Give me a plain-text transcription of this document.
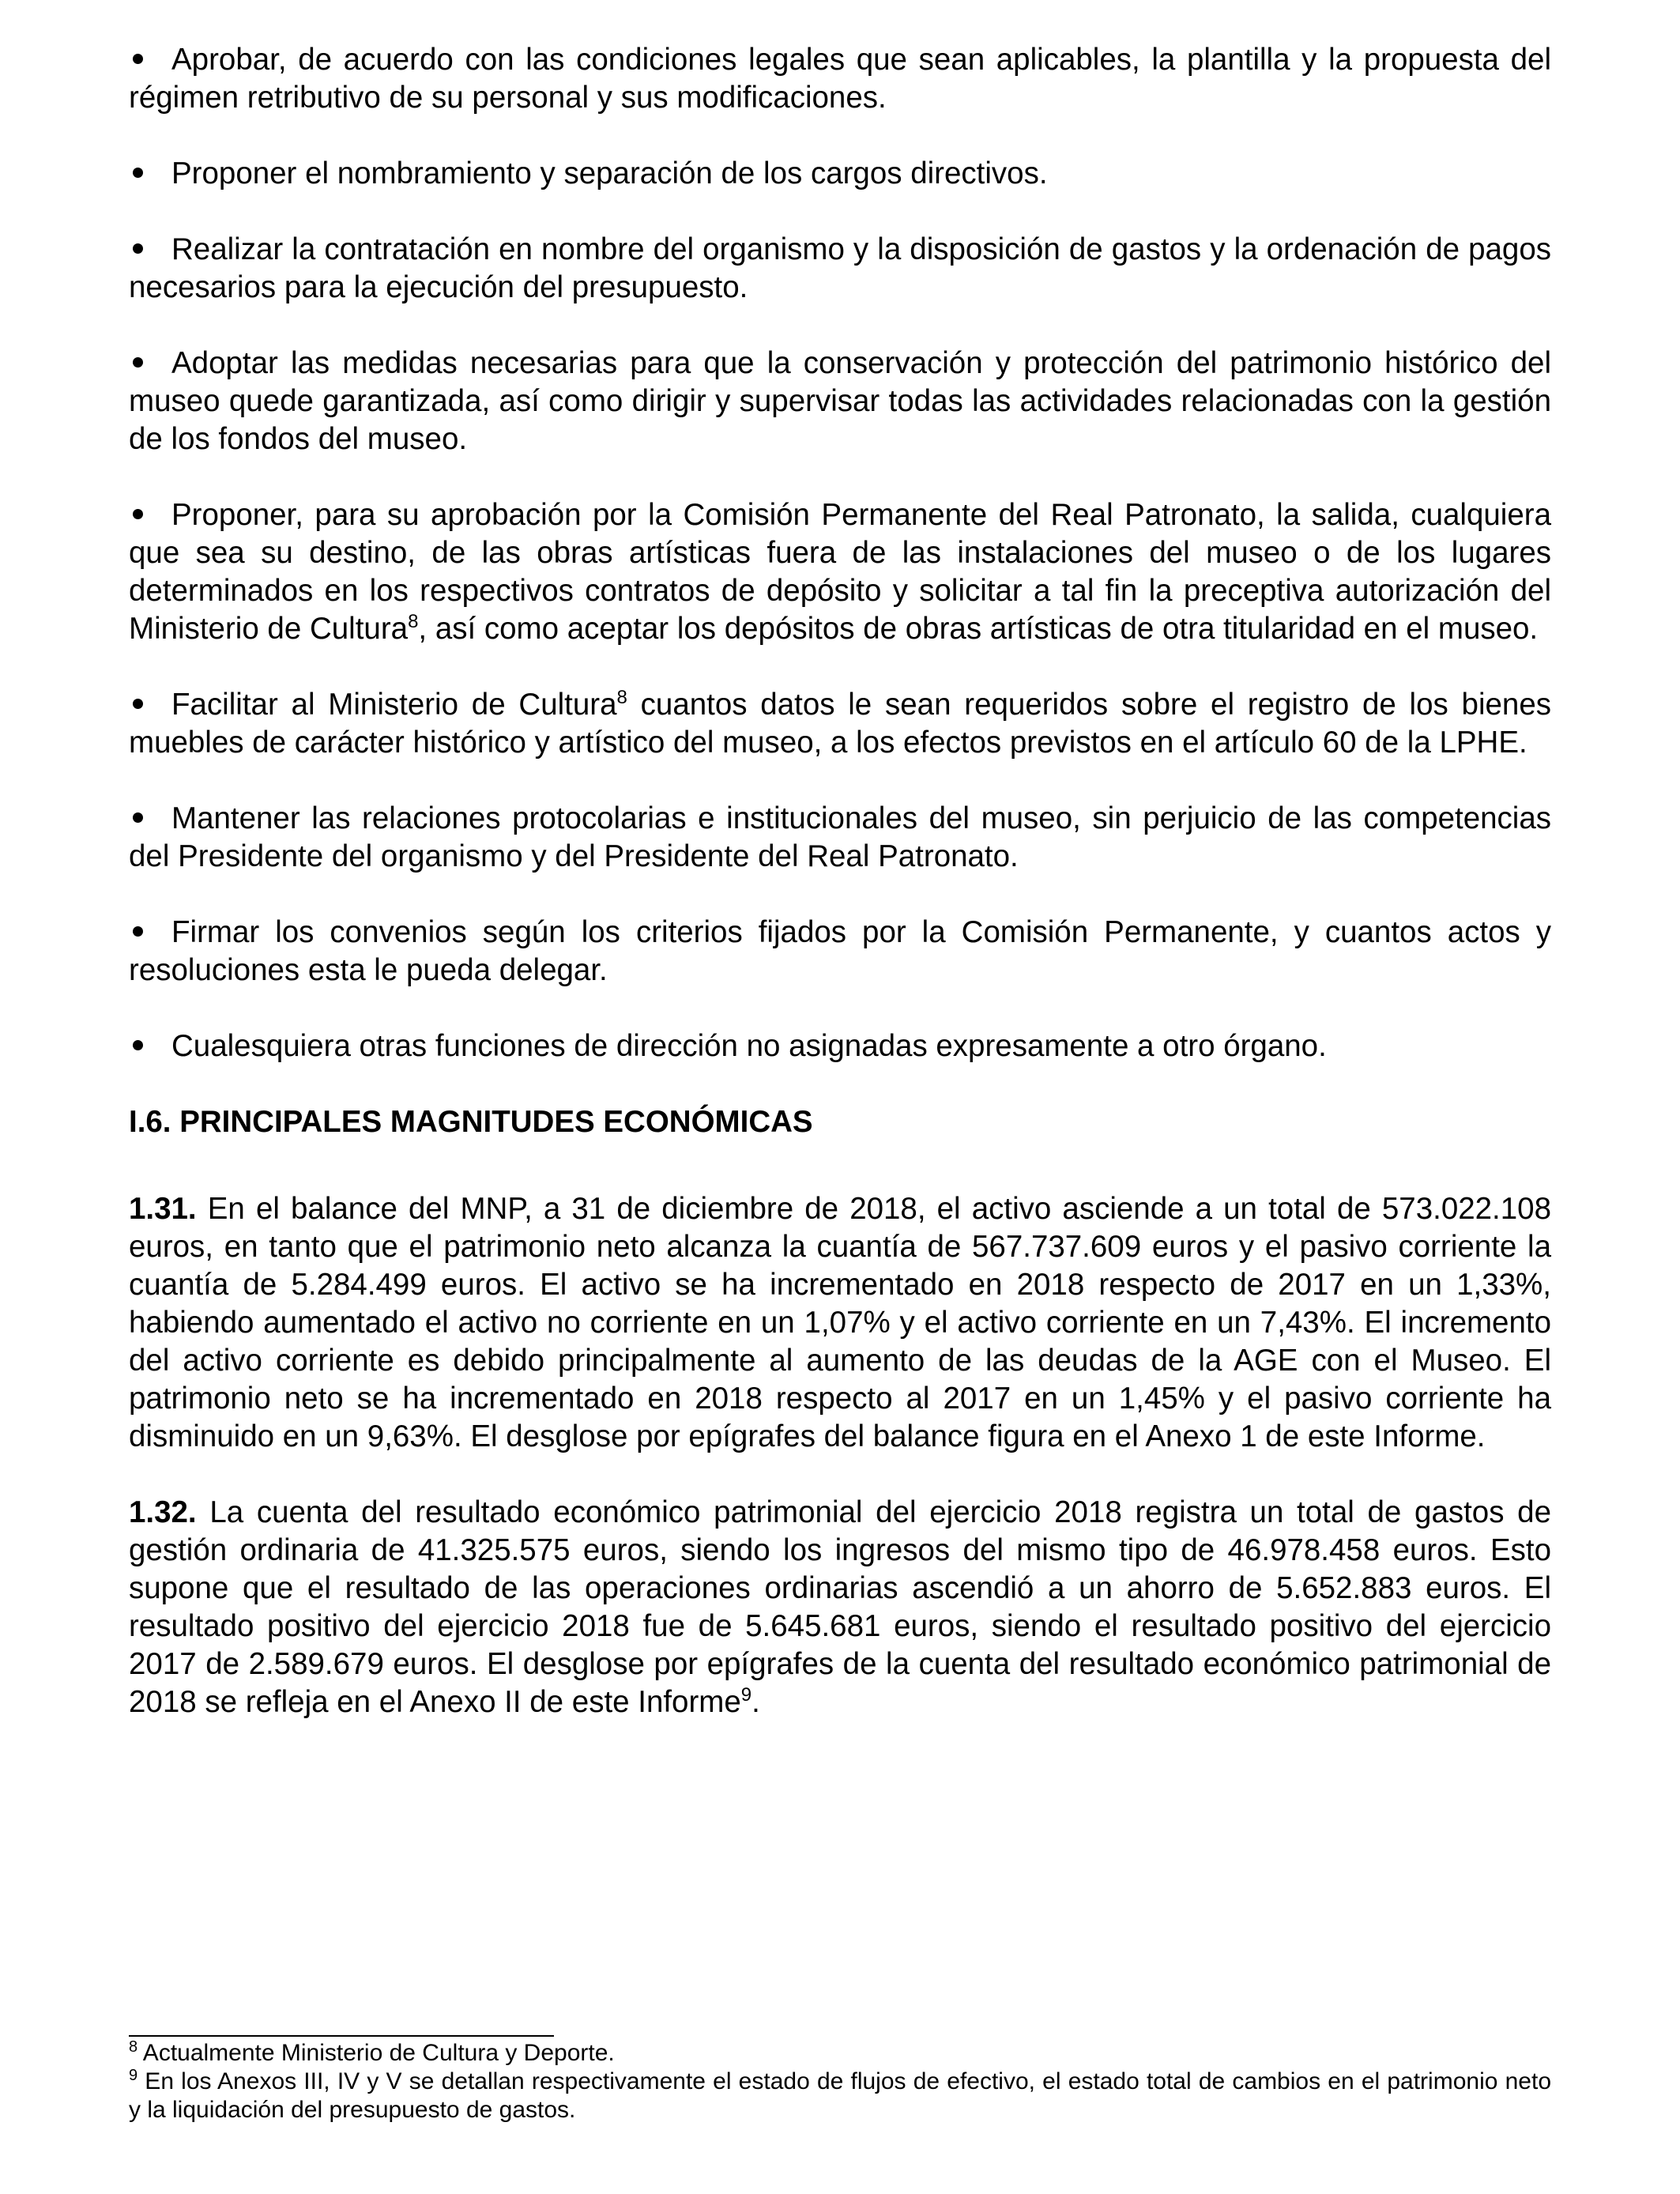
Aprobar, de acuerdo con las condiciones legales que sean aplicables, la plantilla y la propuesta del régimen retributivo de su personal y sus modificaciones.
Proponer el nombramiento y separación de los cargos directivos.
Realizar la contratación en nombre del organismo y la disposición de gastos y la ordenación de pagos necesarios para la ejecución del presupuesto.
Adoptar las medidas necesarias para que la conservación y protección del patrimonio histórico del museo quede garantizada, así como dirigir y supervisar todas las actividades relacionadas con la gestión de los fondos del museo.
Proponer, para su aprobación por la Comisión Permanente del Real Patronato, la salida, cualquiera que sea su destino, de las obras artísticas fuera de las instalaciones del museo o de los lugares determinados en los respectivos contratos de depósito y solicitar a tal fin la preceptiva autorización del Ministerio de Cultura$^8$, así como aceptar los depósitos de obras artísticas de otra titularidad en el museo.
Facilitar al Ministerio de Cultura$^8$ cuantos datos le sean requeridos sobre el registro de los bienes muebles de carácter histórico y artístico del museo, a los efectos previstos en el artículo 60 de la LPHE.
Mantener las relaciones protocolarias e institucionales del museo, sin perjuicio de las competencias del Presidente del organismo y del Presidente del Real Patronato.
Firmar los convenios según los criterios fijados por la Comisión Permanente, y cuantos actos y resoluciones esta le pueda delegar.
Cualesquiera otras funciones de dirección no asignadas expresamente a otro órgano.
I.6. PRINCIPALES MAGNITUDES ECONÓMICAS

1.31. En el balance del MNP, a 31 de diciembre de 2018, el activo asciende a un total de 573.022.108 euros, en tanto que el patrimonio neto alcanza la cuantía de 567.737.609 euros y el pasivo corriente la cuantía de 5.284.499 euros. El activo se ha incrementado en 2018 respecto de 2017 en un 1,33%, habiendo aumentado el activo no corriente en un 1,07% y el activo corriente en un 7,43%. El incremento del activo corriente es debido principalmente al aumento de las deudas de la AGE con el Museo. El patrimonio neto se ha incrementado en 2018 respecto al 2017 en un 1,45% y el pasivo corriente ha disminuido en un 9,63%. El desglose por epígrafes del balance figura en el Anexo 1 de este Informe.

1.32. La cuenta del resultado económico patrimonial del ejercicio 2018 registra un total de gastos de gestión ordinaria de 41.325.575 euros, siendo los ingresos del mismo tipo de 46.978.458 euros. Esto supone que el resultado de las operaciones ordinarias ascendió a un ahorro de 5.652.883 euros. El resultado positivo del ejercicio 2018 fue de 5.645.681 euros, siendo el resultado positivo del ejercicio 2017 de 2.589.679 euros. El desglose por epígrafes de la cuenta del resultado económico patrimonial de 2018 se refleja en el Anexo II de este Informe$^9$.

$^8$ Actualmente Ministerio de Cultura y Deporte.

$^9$ En los Anexos III, IV y V se detallan respectivamente el estado de flujos de efectivo, el estado total de cambios en el patrimonio neto y la liquidación del presupuesto de gastos.
